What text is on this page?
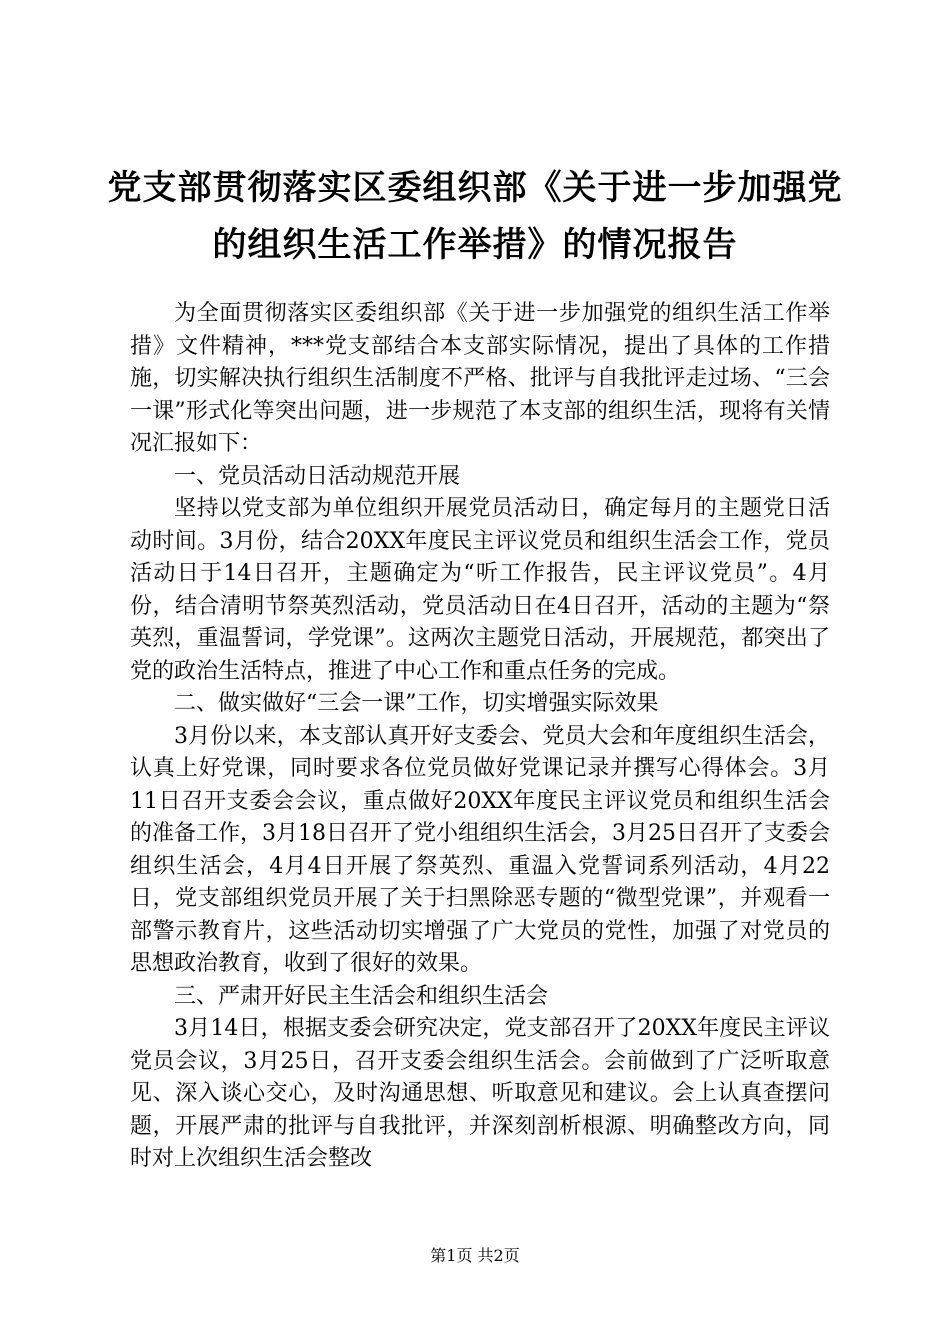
党支部贯彻落实区委组织部《关于进一步加强党的组织生活工作举措》的情况报告

为全面贯彻落实区委组织部《关于进一步加强党的组织生活工作举措》文件精神，***党支部结合本支部实际情况，提出了具体的工作措施，切实解决执行组织生活制度不严格、批评与自我批评走过场、“三会一课”形式化等突出问题，进一步规范了本支部的组织生活，现将有关情况汇报如下：

一、党员活动日活动规范开展

坚持以党支部为单位组织开展党员活动日，确定每月的主题党日活动时间。3月份，结合20XX年度民主评议党员和组织生活会工作，党员活动日于14日召开，主题确定为“听工作报告，民主评议党员”。4月份，结合清明节祭英烈活动，党员活动日在4日召开，活动的主题为“祭英烈，重温誓词，学党课”。这两次主题党日活动，开展规范，都突出了党的政治生活特点，推进了中心工作和重点任务的完成。

二、做实做好“三会一课”工作，切实增强实际效果

3月份以来，本支部认真开好支委会、党员大会和年度组织生活会，认真上好党课，同时要求各位党员做好党课记录并撰写心得体会。3月11日召开支委会会议，重点做好20XX年度民主评议党员和组织生活会的准备工作，3月18日召开了党小组组织生活会，3月25日召开了支委会组织生活会，4月4日开展了祭英烈、重温入党誓词系列活动，4月22日，党支部组织党员开展了关于扫黑除恶专题的“微型党课”，并观看一部警示教育片，这些活动切实增强了广大党员的党性，加强了对党员的思想政治教育，收到了很好的效果。

三、严肃开好民主生活会和组织生活会

3月14日，根据支委会研究决定，党支部召开了20XX年度民主评议党员会议，3月25日，召开支委会组织生活会。会前做到了广泛听取意见、深入谈心交心，及时沟通思想、听取意见和建议。会上认真查摆问题，开展严肃的批评与自我批评，并深刻剖析根源、明确整改方向，同时对上次组织生活会整改

第1页 共2页
